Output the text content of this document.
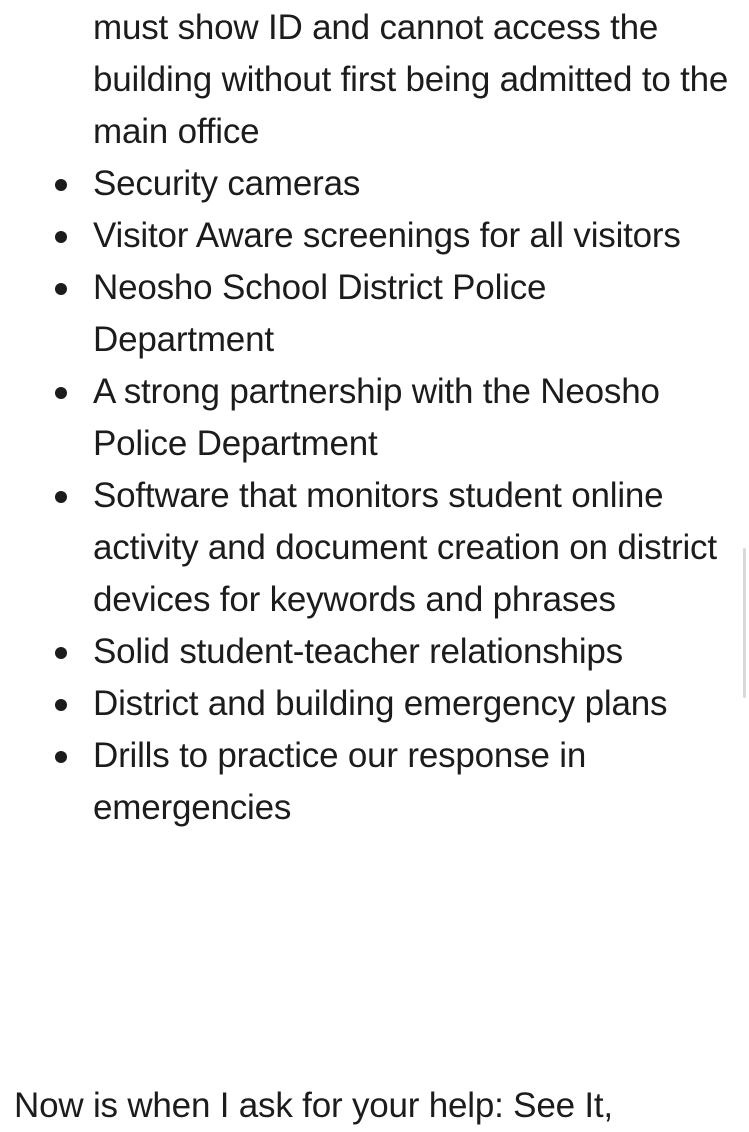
must show ID and cannot access the building without first being admitted to the main office

Security cameras
Visitor Aware screenings for all visitors
Neosho School District Police Department
A strong partnership with the Neosho Police Department
Software that monitors student online activity and document creation on district devices for keywords and phrases
Solid student-teacher relationships
District and building emergency plans
Drills to practice our response in emergencies

Now is when I ask for your help: See It,
